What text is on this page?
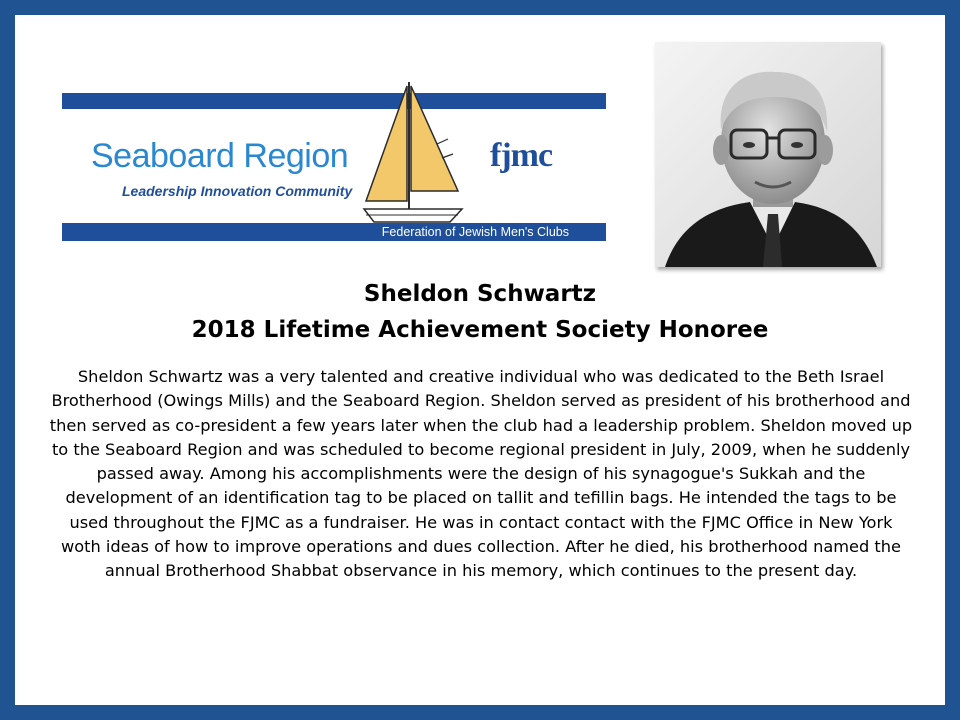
Seaboard Region
Leadership Innovation Community
fjmc
Federation of Jewish Men's Clubs
Sheldon Schwartz
2018 Lifetime Achievement Society Honoree
Sheldon Schwartz was a very talented and creative individual who was dedicated to the Beth Israel Brotherhood (Owings Mills) and the Seaboard Region. Sheldon served as president of his brotherhood and then served as co-president a few years later when the club had a leadership problem. Sheldon moved up to the Seaboard Region and was scheduled to become regional president in July, 2009, when he suddenly passed away. Among his accomplishments were the design of his synagogue's Sukkah and the development of an identification tag to be placed on tallit and tefillin bags. He intended the tags to be used throughout the FJMC as a fundraiser. He was in contact contact with the FJMC Office in New York woth ideas of how to improve operations and dues collection. After he died, his brotherhood named the annual Brotherhood Shabbat observance in his memory, which continues to the present day.
